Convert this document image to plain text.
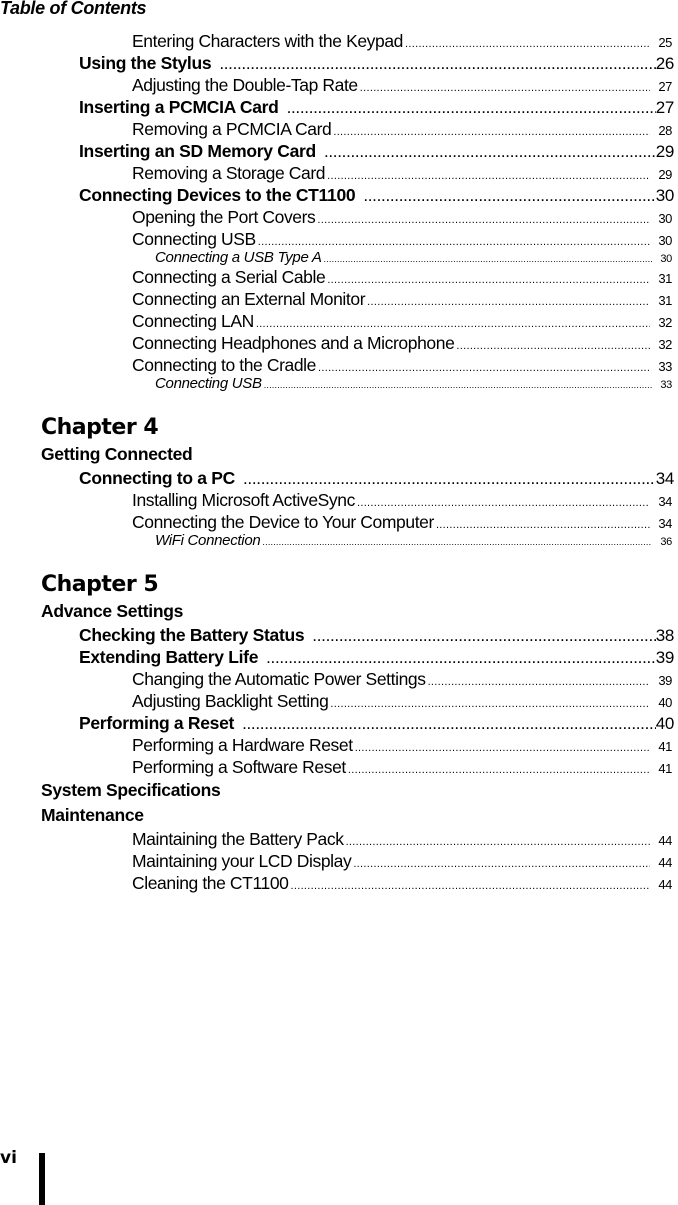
Table of Contents
Entering Characters with the Keypad .....	25
Using the Stylus .....	26
Adjusting the Double-Tap Rate .....	27
Inserting a PCMCIA Card .....	27
Removing a PCMCIA Card .....	28
Inserting an SD Memory Card .....	29
Removing a Storage Card .....	29
Connecting Devices to the CT1100 .....	30
Opening the Port Covers .....	30
Connecting USB .....	30
Connecting a USB Type A .....	30
Connecting a Serial Cable .....	31
Connecting an External Monitor .....	31
Connecting LAN .....	32
Connecting Headphones and a Microphone .....	32
Connecting to the Cradle .....	33
Connecting USB .....	33
Chapter 4
Getting Connected
Connecting to a PC .....	34
Installing Microsoft ActiveSync .....	34
Connecting the Device to Your Computer .....	34
WiFi Connection .....	36
Chapter 5
Advance Settings
Checking the Battery Status .....	38
Extending Battery Life .....	39
Changing the Automatic Power Settings .....	39
Adjusting Backlight Setting .....	40
Performing a Reset .....	40
Performing a Hardware Reset .....	41
Performing a Software Reset .....	41
System Specifications
Maintenance
Maintaining the Battery Pack .....	44
Maintaining your LCD Display .....	44
Cleaning the CT1100 .....	44
vi
